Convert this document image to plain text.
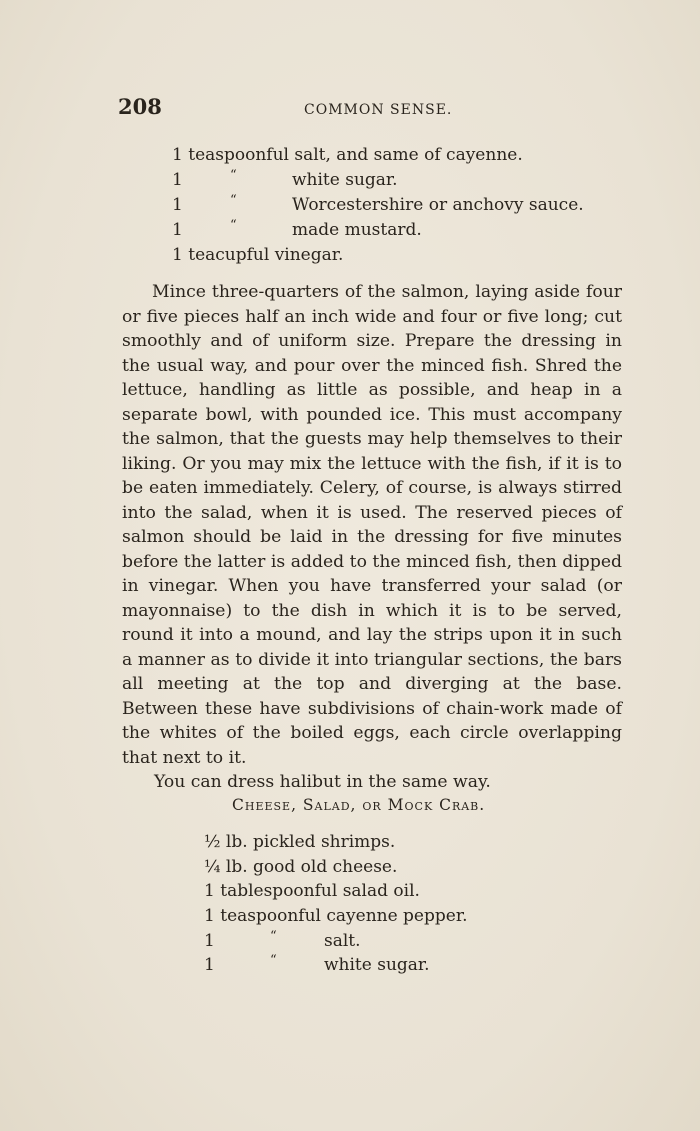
208	COMMON SENSE.
1 teaspoonful salt, and same of cayenne.
1	“	white sugar.
1	“	Worcestershire or anchovy sauce.
1	“	made mustard.
1 teacupful vinegar.

Mince three-quarters of the salmon, laying aside four or five pieces half an inch wide and four or five long; cut smoothly and of uniform size. Prepare the dressing in the usual way, and pour over the minced fish. Shred the lettuce, handling as little as possible, and heap in a separate bowl, with pounded ice. This must accompany the salmon, that the guests may help themselves to their liking. Or you may mix the lettuce with the fish, if it is to be eaten immediately. Celery, of course, is always stirred into the salad, when it is used. The reserved pieces of salmon should be laid in the dressing for five minutes before the latter is added to the minced fish, then dipped in vinegar. When you have transferred your salad (or mayonnaise) to the dish in which it is to be served, round it into a mound, and lay the strips upon it in such a manner as to divide it into triangular sections, the bars all meeting at the top and diverging at the base. Between these have subdivisions of chain-work made of the whites of the boiled eggs, each circle overlapping that next to it.

You can dress halibut in the same way.

Cheese, Salad, or Mock Crab.
½ lb. pickled shrimps.
¼ lb. good old cheese.
1 tablespoonful salad oil.
1 teaspoonful cayenne pepper.
1	“	salt.
1	“	white sugar.
